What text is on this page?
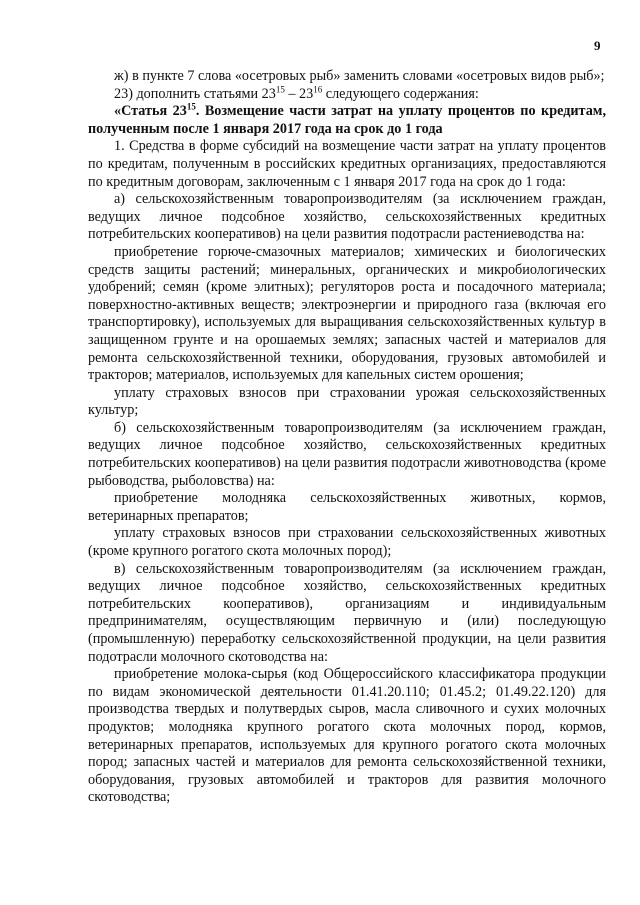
9

ж) в пункте 7 слова «осетровых рыб» заменить словами «осетровых видов рыб»;

23) дополнить статьями $23^{15} - 23^{16}$ следующего содержания:

«Статья $23^{15}$. Возмещение части затрат на уплату процентов по кредитам, полученным после 1 января 2017 года на срок до 1 года

1. Средства в форме субсидий на возмещение части затрат на уплату процентов по кредитам, полученным в российских кредитных организациях, предоставляются по кредитным договорам, заключенным с 1 января 2017 года на срок до 1 года:

а) сельскохозяйственным товаропроизводителям (за исключением граждан, ведущих личное подсобное хозяйство, сельскохозяйственных кредитных потребительских кооперативов) на цели развития подотрасли растениеводства на:

приобретение горюче-смазочных материалов; химических и биологических средств защиты растений; минеральных, органических и микробиологических удобрений; семян (кроме элитных); регуляторов роста и посадочного материала; поверхностно-активных веществ; электроэнергии и природного газа (включая его транспортировку), используемых для выращивания сельскохозяйственных культур в защищенном грунте и на орошаемых землях; запасных частей и материалов для ремонта сельскохозяйственной техники, оборудования, грузовых автомобилей и тракторов; материалов, используемых для капельных систем орошения;

уплату страховых взносов при страховании урожая сельскохозяйственных культур;

б) сельскохозяйственным товаропроизводителям (за исключением граждан, ведущих личное подсобное хозяйство, сельскохозяйственных кредитных потребительских кооперативов) на цели развития подотрасли животноводства (кроме рыбоводства, рыболовства) на:

приобретение молодняка сельскохозяйственных животных, кормов, ветеринарных препаратов;

уплату страховых взносов при страховании сельскохозяйственных животных (кроме крупного рогатого скота молочных пород);

в) сельскохозяйственным товаропроизводителям (за исключением граждан, ведущих личное подсобное хозяйство, сельскохозяйственных кредитных потребительских кооперативов), организациям и индивидуальным предпринимателям, осуществляющим первичную и (или) последующую (промышленную) переработку сельскохозяйственной продукции, на цели развития подотрасли молочного скотоводства на:

приобретение молока-сырья (код Общероссийского классификатора продукции по видам экономической деятельности 01.41.20.110; 01.45.2; 01.49.22.120) для производства твердых и полутвердых сыров, масла сливочного и сухих молочных продуктов; молодняка крупного рогатого скота молочных пород, кормов, ветеринарных препаратов, используемых для крупного рогатого скота молочных пород; запасных частей и материалов для ремонта сельскохозяйственной техники, оборудования, грузовых автомобилей и тракторов для развития молочного скотоводства;
